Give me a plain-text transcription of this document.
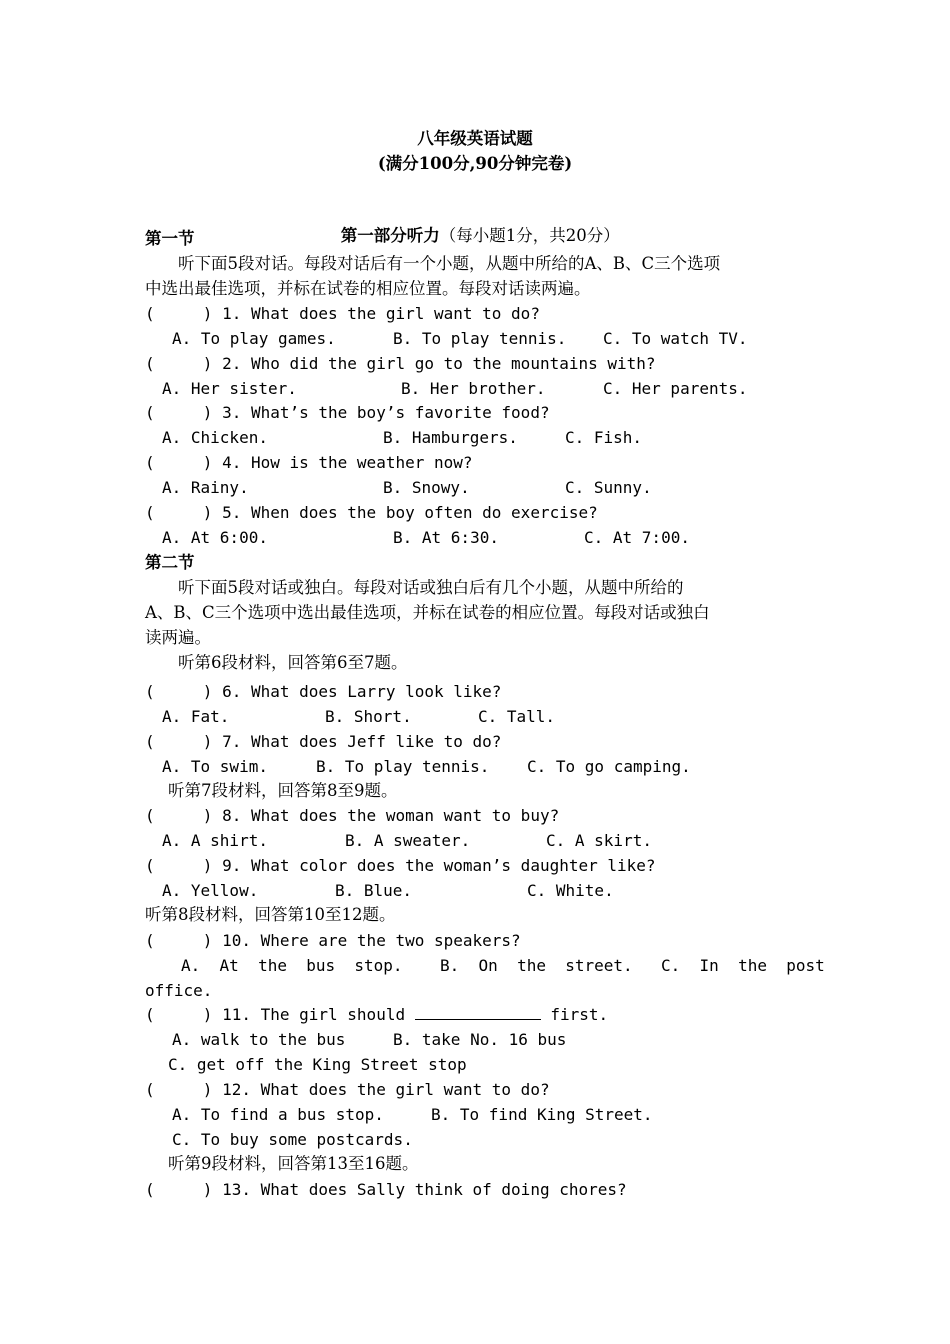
八年级英语试题
(满分100分,90分钟完卷)

第一部分听力（每小题1分，共20分）

第一节
听下面5段对话。每段对话后有一个小题，从题中所给的A、B、C三个选项
中选出最佳选项，并标在试卷的相应位置。每段对话读两遍。
(     ) 1. What does the girl want to do?
A. To play games.	B. To play tennis. C. To watch TV.
(     ) 2. Who did the girl go to the mountains with?
A. Her sister.	B. Her brother.	C. Her parents.
(     ) 3. What’s the boy’s favorite food?
A. Chicken.	B. Hamburgers.	C. Fish.
(     ) 4. How is the weather now?
A. Rainy.	B. Snowy.	C. Sunny.
(     ) 5. When does the boy often do exercise?
A. At 6:00.	B. At 6:30.	C. At 7:00.
第二节
听下面5段对话或独白。每段对话或独白后有几个小题，从题中所给的
A、B、C三个选项中选出最佳选项，并标在试卷的相应位置。每段对话或独白
读两遍。
听第6段材料，回答第6至7题。
(     ) 6. What does Larry look like?
A. Fat.	B. Short.	C. Tall.
(     ) 7. What does Jeff like to do?
A. To swim.	B. To play tennis. C. To go camping.
听第7段材料，回答第8至9题。
(     ) 8. What does the woman want to buy?
A. A shirt.	B. A sweater.	C. A skirt.
(     ) 9. What color does the woman’s daughter like?
A. Yellow.	B. Blue.	C. White.
听第8段材料，回答第10至12题。
(     ) 10. Where are the two speakers?
A.  At  the  bus  stop. B.  On  the  street. C.  In  the  post
office.
(     ) 11. The girl should	first.
A. walk to the bus	B. take No. 16 bus
C. get off the King Street stop
(     ) 12. What does the girl want to do?
A. To find a bus stop.	B. To find King Street.
C. To buy some postcards.
听第9段材料，回答第13至16题。
(     ) 13. What does Sally think of doing chores?
